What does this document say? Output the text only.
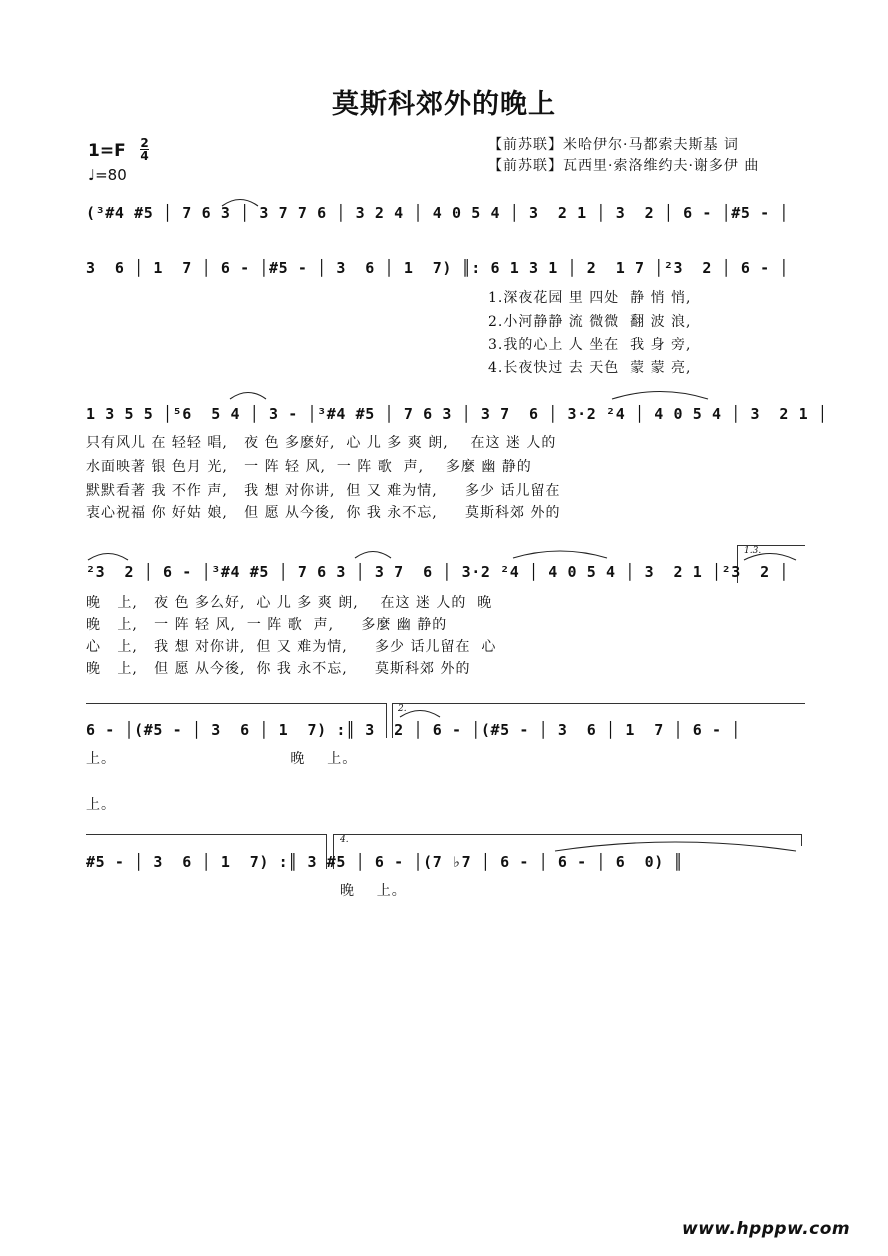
莫斯科郊外的晚上
1=F 2
4
♩=80
【前苏联】米哈伊尔·马都索夫斯基 词
【前苏联】瓦西里·索洛维约夫·谢多伊 曲
(³#4 #5 │ 7 6 3 │ 3 7 7 6 │ 3 2 4 │ 4 0 5 4 │ 3  2 1 │ 3  2 │ 6 - │#5 - │
3  6 │ 1  7 │ 6 - │#5 - │ 3  6 │ 1  7) ║: 6 1 3 1 │ 2  1 7 │²3  2 │ 6 - │
1.深夜花园 里 四处  静 悄 悄,
2.小河静静 流 微微  翻 波 浪,
3.我的心上 人 坐在  我 身 旁,
4.长夜快过 去 天色  蒙 蒙 亮,
1 3 5 5 │⁵6  5 4 │ 3 - │³#4 #5 │ 7 6 3 │ 3 7  6 │ 3·2 ²4 │ 4 0 5 4 │ 3  2 1 │
只有风儿 在 轻轻 唱,   夜 色 多麽好,  心 儿 多 爽 朗,    在这 迷 人的
水面映著 银 色月 光,   一 阵 轻 风,  一 阵 歌  声,    多麼 幽 静的
默默看著 我 不作 声,   我 想 对你讲,  但 又 难为情,     多少 话儿留在
衷心祝福 你 好姑 娘,   但 愿 从今後,  你 我 永不忘,     莫斯科郊 外的
1.3.
²3  2 │ 6 - │³#4 #5 │ 7 6 3 │ 3 7  6 │ 3·2 ²4 │ 4 0 5 4 │ 3  2 1 │²3  2 │
晚   上,   夜 色 多么好,  心 儿 多 爽 朗,    在这 迷 人的  晚
晚   上,   一 阵 轻 风,  一 阵 歌  声,     多麼 幽 静的
心   上,   我 想 对你讲,  但 又 难为情,     多少 话儿留在  心
晚   上,   但 愿 从今後,  你 我 永不忘,     莫斯科郊 外的
2.
6 - │(#5 - │ 3  6 │ 1  7) :║ 3  2 │ 6 - │(#5 - │ 3  6 │ 1  7 │ 6 - │
上。                                晚    上。
上。
4.
#5 - │ 3  6 │ 1  7) :║ 3 #5 │ 6 - │(7 ♭7 │ 6 - │ 6 - │ 6  0) ║
晚    上。
www.hpppw.com
